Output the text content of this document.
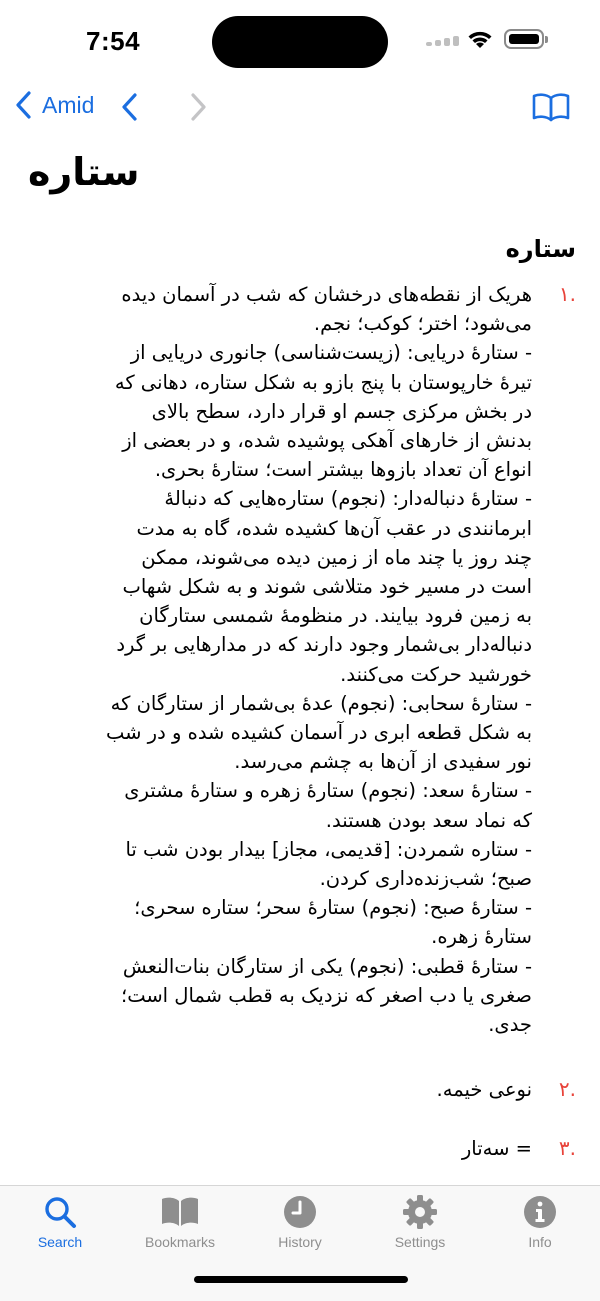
7:54
Amid
ستاره
ستاره
.۱
هریک از نقطه‌های درخشان که شب در آسمان دیده
می‌شود؛ اختر؛ کوکب؛ نجم.
- ستارهٔ دریایی: (زیست‌شناسی) جانوری دریایی از
تیرهٔ خارپوستان با پنج بازو به شکل ستاره، دهانی که
در بخش مرکزی جسم او قرار دارد، سطح بالای
بدنش از خارهای آهکی پوشیده شده، و در بعضی از
انواع آن تعداد بازوها بیشتر است؛ ستارهٔ بحری.
- ستارهٔ دنباله‌دار: (نجوم) ستاره‌هایی که دنبالهٔ
ابرمانندی در عقب آن‌ها کشیده شده، گاه به مدت
چند روز یا چند ماه از زمین دیده می‌شوند، ممکن
است در مسیر خود متلاشی شوند و به شکل شهاب
به زمین فرود بیایند. در منظومهٔ شمسی ستارگان
دنباله‌دار بی‌شمار وجود دارند که در مدارهایی بر گرد
خورشید حرکت می‌کنند.
- ستارهٔ سحابی: (نجوم) عدهٔ بی‌شمار از ستارگان که
به شکل قطعه ابری در آسمان کشیده شده و در شب
نور سفیدی از آن‌ها به چشم می‌رسد.
- ستارهٔ سعد: (نجوم) ستارهٔ زهره و ستارهٔ مشتری
که نماد سعد بودن هستند.
- ستاره شمردن: [قدیمی، مجاز] بیدار بودن شب تا
صبح؛ شب‌زنده‌داری کردن.
- ستارهٔ صبح: (نجوم) ستارهٔ سحر؛ ستاره سحری؛
ستارهٔ زهره.
- ستارهٔ قطبی: (نجوم) یکی از ستارگان بنات‌النعش
صغری یا دب اصغر که نزدیک به قطب شمال است؛
جدی.
.۲
نوعی خیمه.
.۳
= سه‌تار
Search	Bookmarks	History	Settings	Info
